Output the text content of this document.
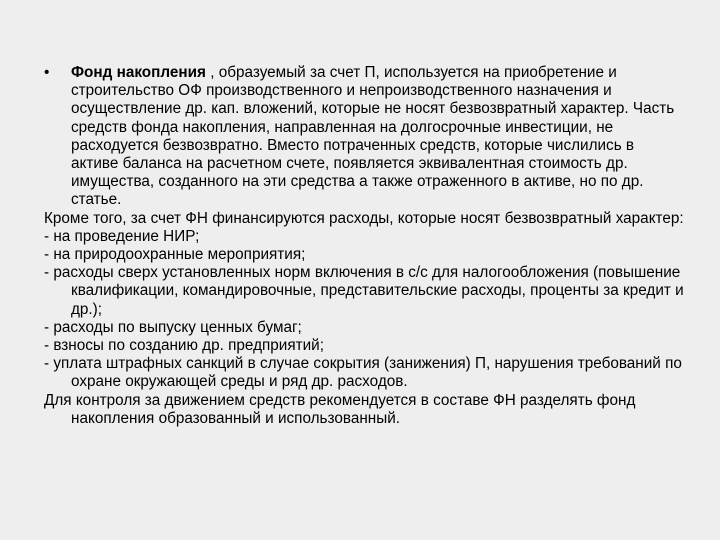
•	Фонд накопления , образуемый за счет П, используется на приобретение и строительство ОФ производственного и непроизводственного назначения и осуществление др. кап. вложений, которые не носят безвозвратный характер. Часть средств фонда накопления, направленная на долгосрочные инвестиции, не расходуется безвозвратно. Вместо потраченных средств, которые числились в активе баланса на расчетном счете, появляется эквивалентная стоимость др. имущества, созданного на эти средства а также отраженного в активе, но по др. статье.

Кроме того, за счет ФН финансируются расходы, которые носят безвозвратный характер:

- на проведение НИР;

- на природоохранные мероприятия;

- расходы сверх установленных норм включения в с/с для налогообложения (повышение квалификации, командировочные, представительские расходы, проценты за кредит и др.);

- расходы по выпуску ценных бумаг;

- взносы по созданию др. предприятий;

- уплата штрафных санкций в случае сокрытия (занижения) П, нарушения требований по охране окружающей среды и ряд др. расходов.

Для контроля за движением средств рекомендуется в составе ФН разделять фонд накопления образованный и использованный.
